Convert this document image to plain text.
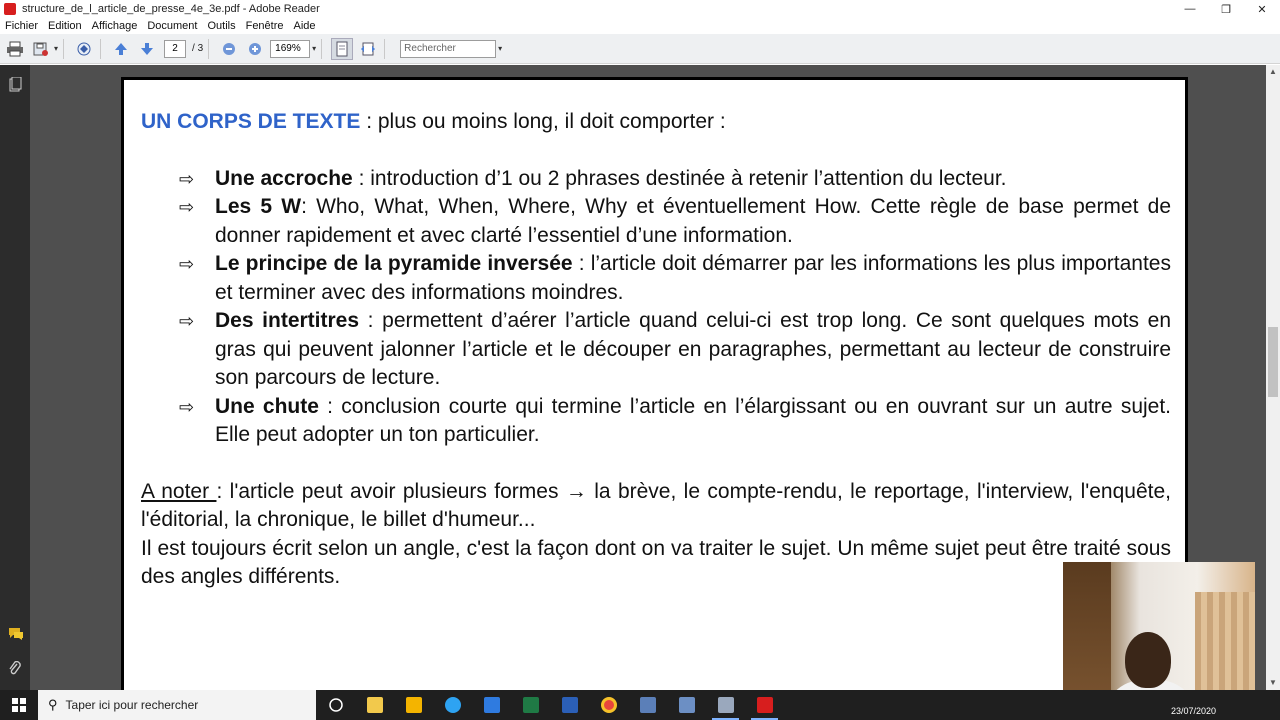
structure_de_l_article_de_presse_4e_3e.pdf - Adobe Reader	—	❐	✕
Fichier Edition Affichage Document Outils Fenêtre Aide
▾	2	/ 3	169%	▾	Rechercher	▾

UN CORPS DE TEXTE : plus ou moins long, il doit comporter :

⇨ Une accroche : introduction d’1 ou 2 phrases destinée à retenir l’attention du lecteur.
⇨ Les 5 W: Who, What, When, Where, Why et éventuellement How. Cette règle de base permet de donner rapidement et avec clarté l’essentiel d’une information.
⇨ Le principe de la pyramide inversée : l’article doit démarrer par les informations les plus importantes et terminer avec des informations moindres.
⇨ Des intertitres : permettent d’aérer l’article quand celui-ci est trop long. Ce sont quelques mots en gras qui peuvent jalonner l’article et le découper en paragraphes, permettant au lecteur de construire son parcours de lecture.
⇨ Une chute : conclusion courte qui termine l’article en l’élargissant ou en ouvrant sur un autre sujet. Elle peut adopter un ton particulier.

A noter : l'article peut avoir plusieurs formes → la brève, le compte-rendu, le reportage, l'interview, l'enquête, l'éditorial, la chronique, le billet d'humeur...

Il est toujours écrit selon un angle, c'est la façon dont on va traiter le sujet. Un même sujet peut être traité sous des angles différents.

▲
▼
⚲ Taper ici pour rechercher	23/07/2020
